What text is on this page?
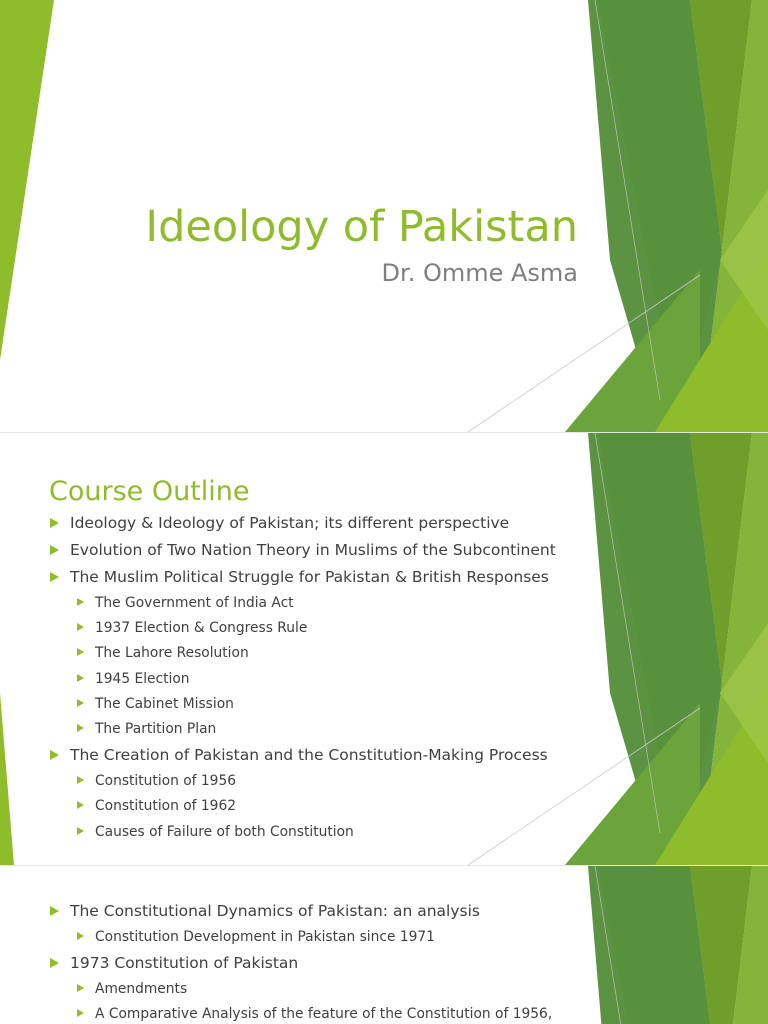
Ideology of Pakistan
Dr. Omme Asma
Course Outline
Ideology & Ideology of Pakistan; its different perspective
Evolution of Two Nation Theory in Muslims of the Subcontinent
The Muslim Political Struggle for Pakistan & British Responses
The Government of India Act
1937 Election & Congress Rule
The Lahore Resolution
1945 Election
The Cabinet Mission
The Partition Plan
The Creation of Pakistan and the Constitution-Making Process
Constitution of 1956
Constitution of 1962
Causes of Failure of both Constitution
The Constitutional Dynamics of Pakistan: an analysis
Constitution Development in Pakistan since 1971
1973 Constitution of Pakistan
Amendments
A Comparative Analysis of the feature of the Constitution of 1956,
